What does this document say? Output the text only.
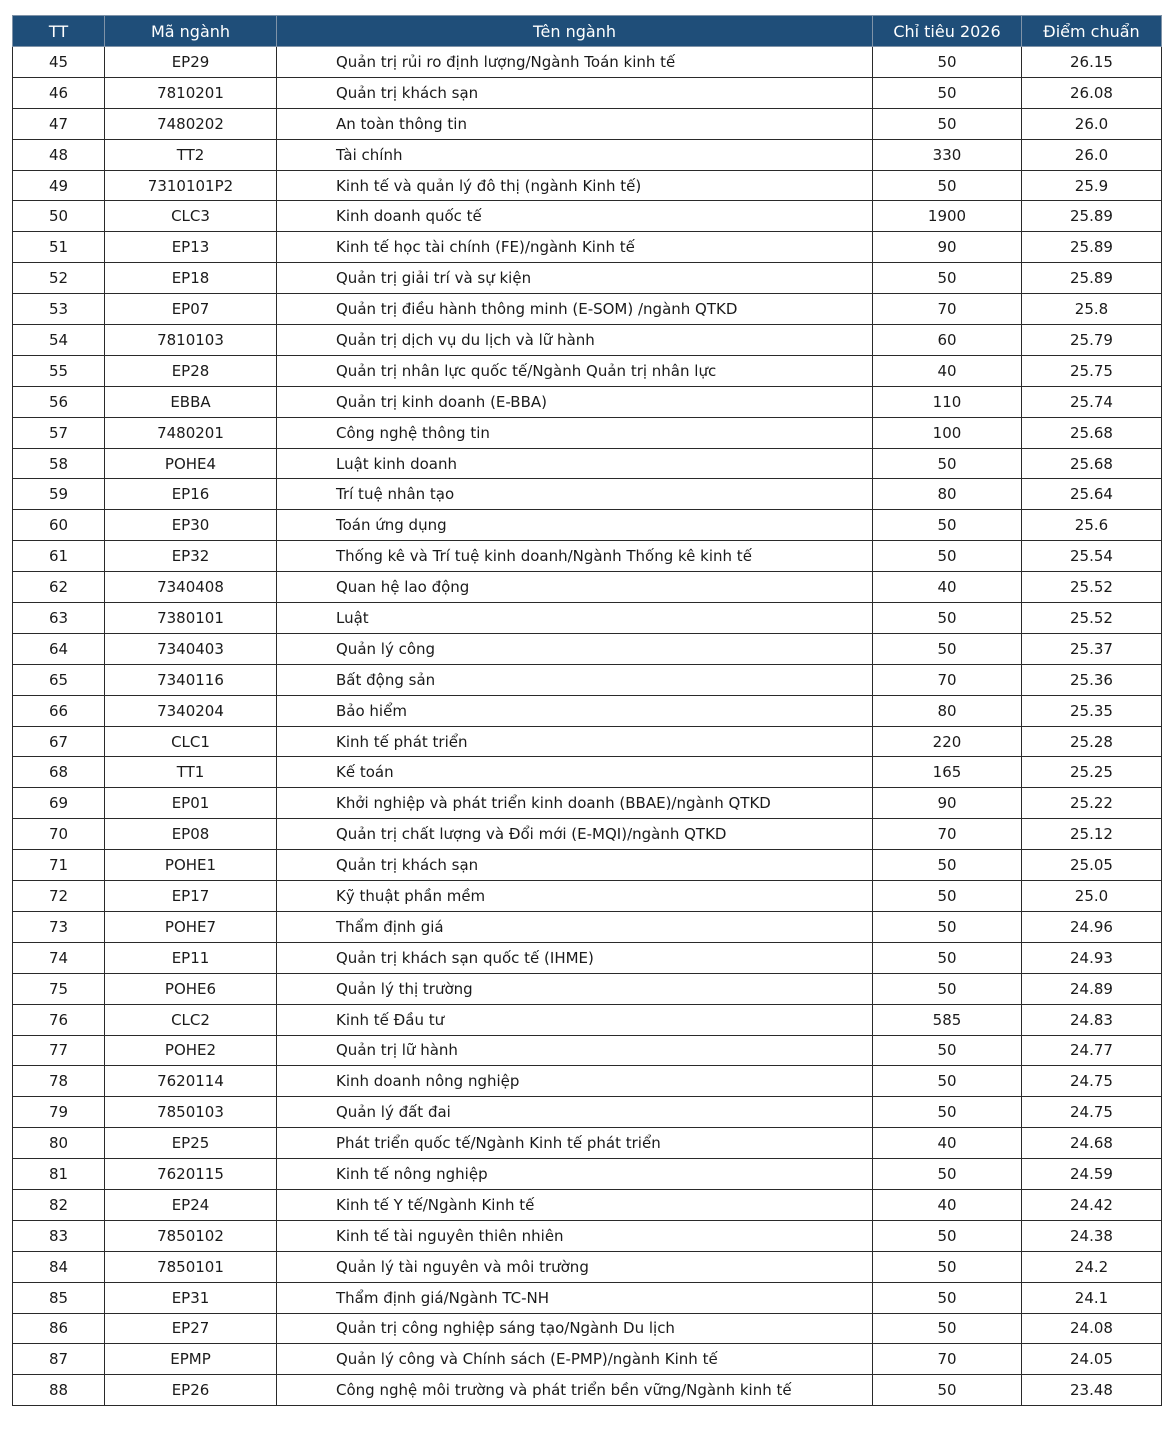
TT	Mã ngành	Tên ngành	Chỉ tiêu 2026	Điểm chuẩn
45	EP29	Quản trị rủi ro định lượng/Ngành Toán kinh tế	50	26.15
46	7810201	Quản trị khách sạn	50	26.08
47	7480202	An toàn thông tin	50	26.0
48	TT2	Tài chính	330	26.0
49	7310101P2	Kinh tế và quản lý đô thị (ngành Kinh tế)	50	25.9
50	CLC3	Kinh doanh quốc tế	1900	25.89
51	EP13	Kinh tế học tài chính (FE)/ngành Kinh tế	90	25.89
52	EP18	Quản trị giải trí và sự kiện	50	25.89
53	EP07	Quản trị điều hành thông minh (E-SOM) /ngành QTKD	70	25.8
54	7810103	Quản trị dịch vụ du lịch và lữ hành	60	25.79
55	EP28	Quản trị nhân lực quốc tế/Ngành Quản trị nhân lực	40	25.75
56	EBBA	Quản trị kinh doanh (E-BBA)	110	25.74
57	7480201	Công nghệ thông tin	100	25.68
58	POHE4	Luật kinh doanh	50	25.68
59	EP16	Trí tuệ nhân tạo	80	25.64
60	EP30	Toán ứng dụng	50	25.6
61	EP32	Thống kê và Trí tuệ kinh doanh/Ngành Thống kê kinh tế	50	25.54
62	7340408	Quan hệ lao động	40	25.52
63	7380101	Luật	50	25.52
64	7340403	Quản lý công	50	25.37
65	7340116	Bất động sản	70	25.36
66	7340204	Bảo hiểm	80	25.35
67	CLC1	Kinh tế phát triển	220	25.28
68	TT1	Kế toán	165	25.25
69	EP01	Khởi nghiệp và phát triển kinh doanh (BBAE)/ngành QTKD	90	25.22
70	EP08	Quản trị chất lượng và Đổi mới (E-MQI)/ngành QTKD	70	25.12
71	POHE1	Quản trị khách sạn	50	25.05
72	EP17	Kỹ thuật phần mềm	50	25.0
73	POHE7	Thẩm định giá	50	24.96
74	EP11	Quản trị khách sạn quốc tế (IHME)	50	24.93
75	POHE6	Quản lý thị trường	50	24.89
76	CLC2	Kinh tế Đầu tư	585	24.83
77	POHE2	Quản trị lữ hành	50	24.77
78	7620114	Kinh doanh nông nghiệp	50	24.75
79	7850103	Quản lý đất đai	50	24.75
80	EP25	Phát triển quốc tế/Ngành Kinh tế phát triển	40	24.68
81	7620115	Kinh tế nông nghiệp	50	24.59
82	EP24	Kinh tế Y tế/Ngành Kinh tế	40	24.42
83	7850102	Kinh tế tài nguyên thiên nhiên	50	24.38
84	7850101	Quản lý tài nguyên và môi trường	50	24.2
85	EP31	Thẩm định giá/Ngành TC-NH	50	24.1
86	EP27	Quản trị công nghiệp sáng tạo/Ngành Du lịch	50	24.08
87	EPMP	Quản lý công và Chính sách (E-PMP)/ngành Kinh tế	70	24.05
88	EP26	Công nghệ môi trường và phát triển bền vững/Ngành kinh tế	50	23.48
